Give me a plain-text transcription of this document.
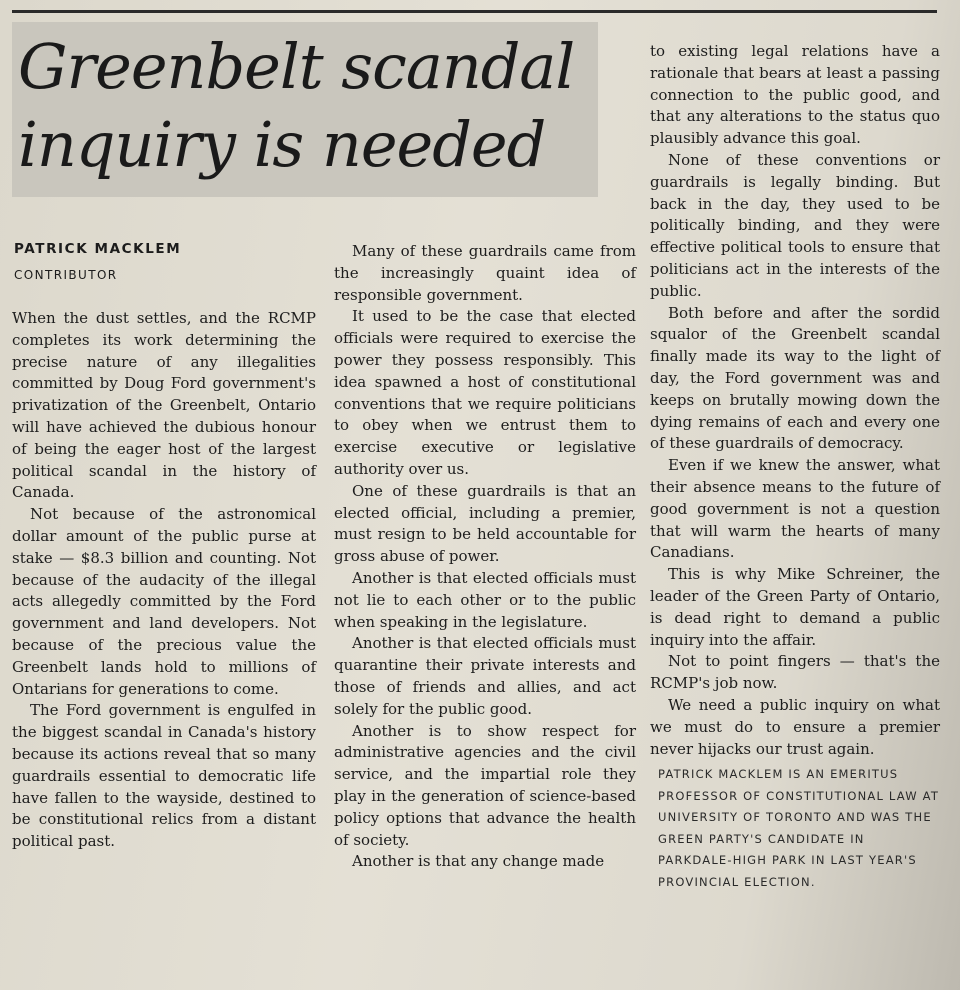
Greenbelt scandal
inquiry is needed
PATRICK MACKLEM
CONTRIBUTOR

When the dust settles, and the RCMP completes its work determining the precise nature of any illegalities committed by Doug Ford government's privatization of the Greenbelt, Ontario will have achieved the dubious honour of being the eager host of the largest political scandal in the history of Canada.

Not because of the astronomical dollar amount of the public purse at stake — $8.3 billion and counting. Not because of the audacity of the illegal acts allegedly committed by the Ford government and land developers. Not because of the precious value the Greenbelt lands hold to millions of Ontarians for generations to come.

The Ford government is engulfed in the biggest scandal in Canada's history because its actions reveal that so many guardrails essential to democratic life have fallen to the wayside, destined to be constitutional relics from a distant political past.

Many of these guardrails came from the increasingly quaint idea of responsible government.

It used to be the case that elected officials were required to exercise the power they possess responsibly. This idea spawned a host of constitutional conventions that we require politicians to obey when we entrust them to exercise executive or legislative authority over us.

One of these guardrails is that an elected official, including a premier, must resign to be held accountable for gross abuse of power.

Another is that elected officials must not lie to each other or to the public when speaking in the legislature.

Another is that elected officials must quarantine their private interests and those of friends and allies, and act solely for the public good.

Another is to show respect for administrative agencies and the civil service, and the impartial role they play in the generation of science-based policy options that advance the health of society.

Another is that any change made

to existing legal relations have a rationale that bears at least a passing connection to the public good, and that any alterations to the status quo plausibly advance this goal.

None of these conventions or guardrails is legally binding. But back in the day, they used to be politically binding, and they were effective political tools to ensure that politicians act in the interests of the public.

Both before and after the sordid squalor of the Greenbelt scandal finally made its way to the light of day, the Ford government was and keeps on brutally mowing down the dying remains of each and every one of these guardrails of democracy.

Even if we knew the answer, what their absence means to the future of good government is not a question that will warm the hearts of many Canadians.

This is why Mike Schreiner, the leader of the Green Party of Ontario, is dead right to demand a public inquiry into the affair.

Not to point fingers — that's the RCMP's job now.

We need a public inquiry on what we must do to ensure a premier never hijacks our trust again.

PATRICK MACKLEM IS AN EMERITUS PROFESSOR OF CONSTITUTIONAL LAW AT UNIVERSITY OF TORONTO AND WAS THE GREEN PARTY'S CANDIDATE IN PARKDALE-HIGH PARK IN LAST YEAR'S PROVINCIAL ELECTION.
